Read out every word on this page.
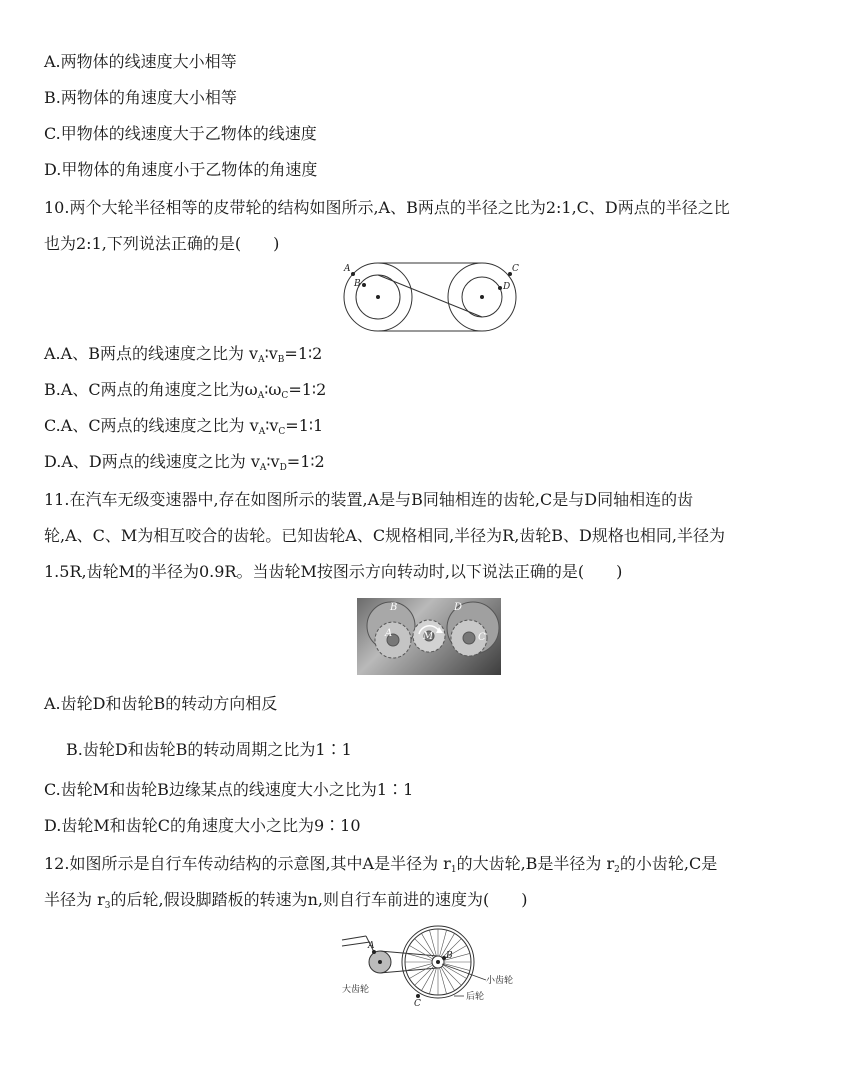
A.两物体的线速度大小相等
B.两物体的角速度大小相等
C.甲物体的线速度大于乙物体的线速度
D.甲物体的角速度小于乙物体的角速度
10.两个大轮半径相等的皮带轮的结构如图所示,A、B两点的半径之比为2:1,C、D两点的半径之比
也为2:1,下列说法正确的是(　　)
A
B
C
D
A.A、B两点的线速度之比为 $v_A∶v_B=1∶2$
B.A、C两点的角速度之比为$\omega_A∶\omega_C=1∶2$
C.A、C两点的线速度之比为 $v_A∶v_C=1∶1$
D.A、D两点的线速度之比为 $v_A∶v_D=1∶2$
11.在汽车无级变速器中,存在如图所示的装置,A是与B同轴相连的齿轮,C是与D同轴相连的齿
轮,A、C、M为相互咬合的齿轮。已知齿轮A、C规格相同,半径为R,齿轮B、D规格也相同,半径为
1.5R,齿轮M的半径为0.9R。当齿轮M按图示方向转动时,以下说法正确的是(　　)
B	D
A	M	C
A.齿轮D和齿轮B的转动方向相反
B.齿轮D和齿轮B的转动周期之比为1∶1
C.齿轮M和齿轮B边缘某点的线速度大小之比为1∶1
D.齿轮M和齿轮C的角速度大小之比为9∶10
12.如图所示是自行车传动结构的示意图,其中A是半径为 $r_1$的大齿轮,B是半径为 $r_2$的小齿轮,C是
半径为 $r_3$的后轮,假设脚踏板的转速为n,则自行车前进的速度为(　　)
A
B
C
大齿轮
小齿轮
后轮
